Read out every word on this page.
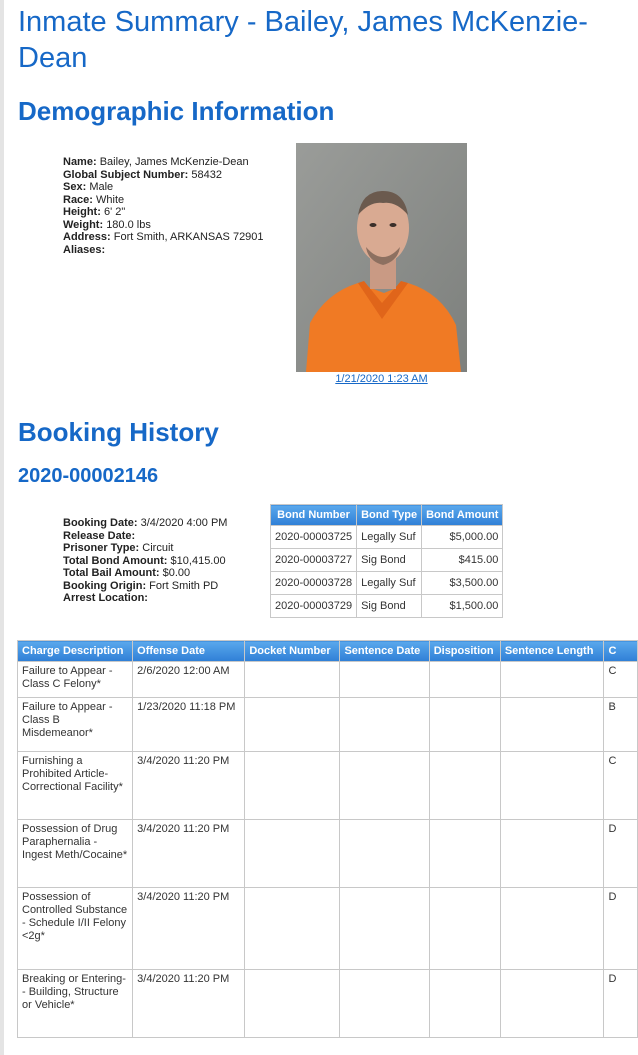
Inmate Summary - Bailey, James McKenzie-Dean
Demographic Information
Name: Bailey, James McKenzie-Dean
Global Subject Number: 58432
Sex: Male
Race: White
Height: 6' 2"
Weight: 180.0 lbs
Address: Fort Smith, ARKANSAS 72901
Aliases:
1/21/2020 1:23 AM
Booking History
2020-00002146
Booking Date: 3/4/2020 4:00 PM
Release Date:
Prisoner Type: Circuit
Total Bond Amount: $10,415.00
Total Bail Amount: $0.00
Booking Origin: Fort Smith PD
Arrest Location:
Bond Number	Bond Type	Bond Amount
2020-00003725	Legally Suf	$5,000.00
2020-00003727	Sig Bond	$415.00
2020-00003728	Legally Suf	$3,500.00
2020-00003729	Sig Bond	$1,500.00
Charge Description	Offense Date	Docket Number	Sentence Date	Disposition	Sentence Length	C
Failure to Appear - Class C Felony*	2/6/2020 12:00 AM					C
Failure to Appear - Class B Misdemeanor*	1/23/2020 11:18 PM					B
Furnishing a Prohibited Article- Correctional Facility*	3/4/2020 11:20 PM					C
Possession of Drug Paraphernalia - Ingest Meth/Cocaine*	3/4/2020 11:20 PM					D
Possession of Controlled Substance - Schedule I/II Felony <2g*	3/4/2020 11:20 PM					D
Breaking or Entering- - Building, Structure or Vehicle*	3/4/2020 11:20 PM					D
